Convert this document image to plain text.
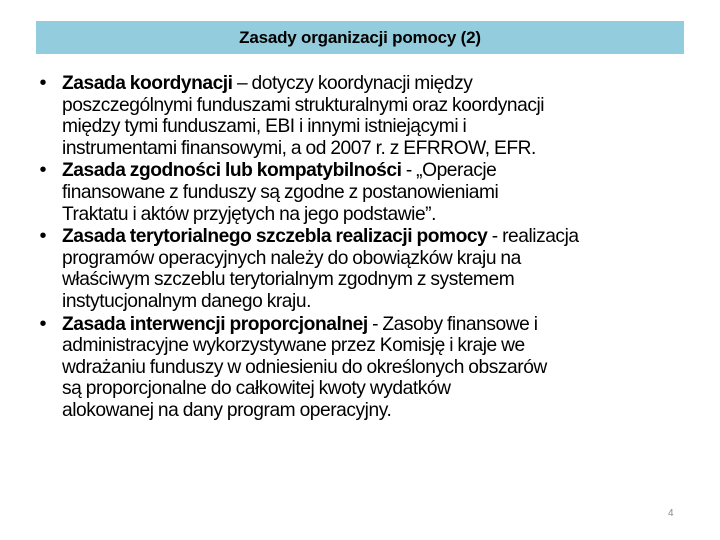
Zasady organizacji pomocy (2)
• Zasada koordynacji – dotyczy koordynacji między
poszczególnymi funduszami strukturalnymi oraz koordynacji
między tymi funduszami, EBI i innymi istniejącymi i
instrumentami finansowymi, a od 2007 r. z EFRROW, EFR.
• Zasada zgodności lub kompatybilności - „Operacje
finansowane z funduszy są zgodne z postanowieniami
Traktatu i aktów przyjętych na jego podstawie”.
• Zasada terytorialnego szczebla realizacji pomocy - realizacja
programów operacyjnych należy do obowiązków kraju na
właściwym szczeblu terytorialnym zgodnym z systemem
instytucjonalnym danego kraju.
• Zasada interwencji proporcjonalnej - Zasoby finansowe i
administracyjne wykorzystywane przez Komisję i kraje we
wdrażaniu funduszy w odniesieniu do określonych obszarów
są proporcjonalne do całkowitej kwoty wydatków
alokowanej na dany program operacyjny.
4
